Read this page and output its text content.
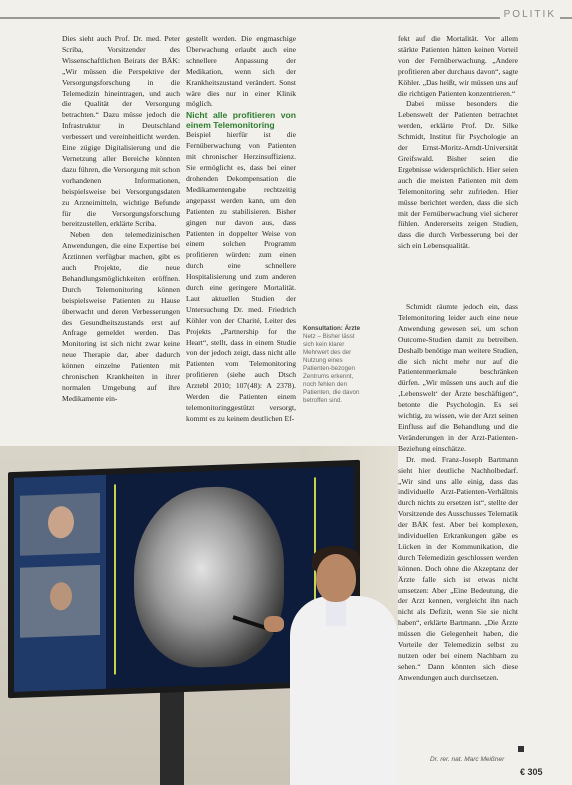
POLITIK

Dies sieht auch Prof. Dr. med. Peter Scriba, Vorsitzender des Wissenschaftlichen Beirats der BÄK: „Wir müssen die Perspektive der Versorgungsforschung in die Telemedizin hineintragen, und auch die Qualität der Versorgung betrachten.“ Dazu müsse jedoch die Infrastruktur in Deutschland verbessert und vereinheitlicht werden. Eine zügige Digitalisierung und die Vernetzung aller Bereiche könnten dazu führen, die Versorgung mit schon vorhandenen Informationen, beispielsweise bei Versorgungsdaten zu Arzneimitteln, wichtige Befunde für die Versorgungsforschung bereitzustellen, erklärte Scriba.

Neben den telemedizinischen Anwendungen, die eine Expertise bei Ärztinnen verfügbar machen, gibt es auch Projekte, die neue Behandlungsmöglichkeiten eröffnen. Durch Telemonitoring können beispielsweise Patienten zu Hause überwacht und deren Verbesserungen des Gesundheitszustands erst auf Anfrage gemeldet werden. Das Monitoring ist sich nicht zwar keine neue Therapie dar, aber dadurch können einzelne Patienten mit chronischen Krankheiten in ihrer normalen Umgebung auf ihre Medikamente ein-

gestellt werden. Die engmaschige Überwachung erlaubt auch eine schnellere Anpassung der Medikation, wenn sich der Krankheitszustand verändert. Sonst wäre dies nur in einer Klinik möglich.

Nicht alle profitieren von einem Telemonitoring

Beispiel hierfür ist die Fernüberwachung von Patienten mit chronischer Herzinsuffizienz. Sie ermöglicht es, dass bei einer drohenden Dekompensation die Medikamentengabe rechtzeitig angepasst werden kann, um den Patienten zu stabilisieren. Bisher gingen nur davon aus, dass Patienten in doppelter Weise von einem solchen Programm profitieren würden: zum einen durch eine schnellere Hospitalisierung und zum anderen durch eine geringere Mortalität. Laut aktuellen Studien der Untersuchung Dr. med. Friedrich Köhler von der Charité, Leiter des Projekts „Partnership for the Heart“, stellt, dass in einem Studie von der jedoch zeigt, dass nicht alle Patienten vom Telemonitoring profitieren (siehe auch Dtsch Arztebl 2010; 107(48): A 2378). Werden die Patienten einem telemonitoringgestützt versorgt, kommt es zu keinem deutlichen Ef-

Konsultation: Ärzte Netz – Bisher lässt sich kein klarer Mehrwert des der Nutzung eines Patienten-bezogen Zentrums erkennt, noch fehlen den Patienten, die davon betroffen sind.

fekt auf die Mortalität. Vor allem stärkte Patienten hätten keinen Vorteil von der Fernüberwachung. „Andere profitieren aber durchaus davon“, sagte Köhler. „Das heißt, wir müssen uns auf die richtigen Patienten konzentrieren.“

Dabei müsse besonders die Lebenswelt der Patienten betrachtet werden, erklärte Prof. Dr. Silke Schmidt, Institut für Psychologie an der Ernst-Moritz-Arndt-Universität Greifswald. Bisher seien die Ergebnisse widersprüchlich. Hier seien auch die meisten Patienten mit dem Telemonitoring sehr zufrieden. Hier müsse berichtet werden, dass die sich mit der Fernüberwachung viel sicherer fühlen. Andererseits zeigen Studien, dass die durch Verbesserung bei der sich ein Lebensqualität.

Schmidt räumte jedoch ein, dass Telemonitoring leider auch eine neue Anwendung gewesen sei, um schon Outcome-Studien damit zu betreiben. Deshalb benötige man weitere Studien, die sich nicht mehr nur auf die Patientenmerkmale beschränken dürfen. „Wir müssen uns auch auf die ‚Lebenswelt‘ der Ärzte beschäftigen“, betonte die Psychologin. Es sei wichtig, zu wissen, wie der Arzt seinen Einfluss auf die Behandlung und die Veränderungen in der Arzt-Patienten-Beziehung einschätze.

Dr. med. Franz-Joseph Bartmann sieht hier deutliche Nachholbedarf. „Wir sind uns alle einig, dass das individuelle Arzt-Patienten-Verhältnis durch nichts zu ersetzen ist“, stellte der Vorsitzende des Ausschusses Telematik der BÄK fest. Aber bei komplexen, individuellen Erkrankungen gäbe es Lücken in der Kommunikation, die durch Telemedizin geschlossen werden können. Doch ohne die Akzeptanz der Ärzte falle sich ist etwas nicht umsetzen: Aber „Eine Bedeutung, die der Arzt kennen, vergleicht ihn nach nicht als Defizit, wenn Sie sie nicht haben“, erklärte Bartmann. „Die Ärzte müssen die Gelegenheit haben, die Vorteile der Telemedizin selbst zu nutzen oder bei einem Nachbarn zu sehen.“ Dann könnten sich diese Anwendungen auch durchsetzen.

Dr. rer. nat. Marc Meißner
€ 305
